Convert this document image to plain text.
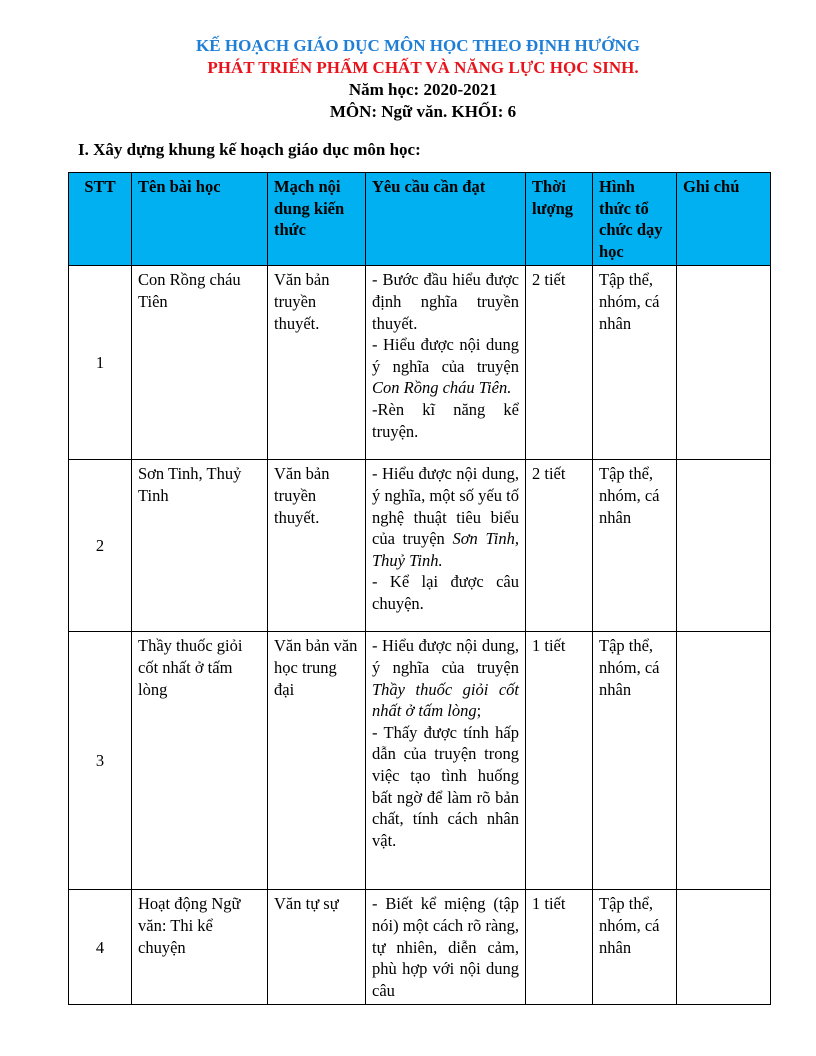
KẾ HOẠCH GIÁO DỤC MÔN HỌC THEO ĐỊNH HƯỚNG
PHÁT TRIỂN PHẨM CHẤT VÀ NĂNG LỰC HỌC SINH.
Năm học: 2020-2021
MÔN: Ngữ văn. KHỐI: 6
I. Xây dựng khung kế hoạch giáo dục môn học:
STT	Tên bài học	Mạch nội dung kiến thức	Yêu cầu cần đạt	Thời lượng	Hình thức tổ chức dạy học	Ghi chú
1	Con Rồng cháu Tiên	Văn bản truyền thuyết.	- Bước đầu hiểu được định nghĩa truyền thuyết.
- Hiểu được nội dung ý nghĩa của truyện Con Rồng cháu Tiên.
-Rèn kĩ năng kể truyện.	2 tiết	Tập thể, nhóm, cá nhân	
2	Sơn Tinh, Thuỷ Tinh	Văn bản truyền thuyết.	- Hiểu được nội dung, ý nghĩa, một số yếu tố nghệ thuật tiêu biểu của truyện Sơn Tinh, Thuỷ Tinh.
- Kể lại được câu chuyện.	2 tiết	Tập thể, nhóm, cá nhân	
3	Thầy thuốc giỏi cốt nhất ở tấm lòng	Văn bản văn học trung đại	- Hiểu được nội dung, ý nghĩa của truyện Thầy thuốc giỏi cốt nhất ở tấm lòng;
- Thấy được tính hấp dẫn của truyện trong việc tạo tình huống bất ngờ để làm rõ bản chất, tính cách nhân vật.	1 tiết	Tập thể, nhóm, cá nhân	
4	Hoạt động Ngữ văn: Thi kể chuyện	Văn tự sự	- Biết kể miệng (tập nói) một cách rõ ràng, tự nhiên, diễn cảm, phù hợp với nội dung câu	1 tiết	Tập thể, nhóm, cá nhân	
